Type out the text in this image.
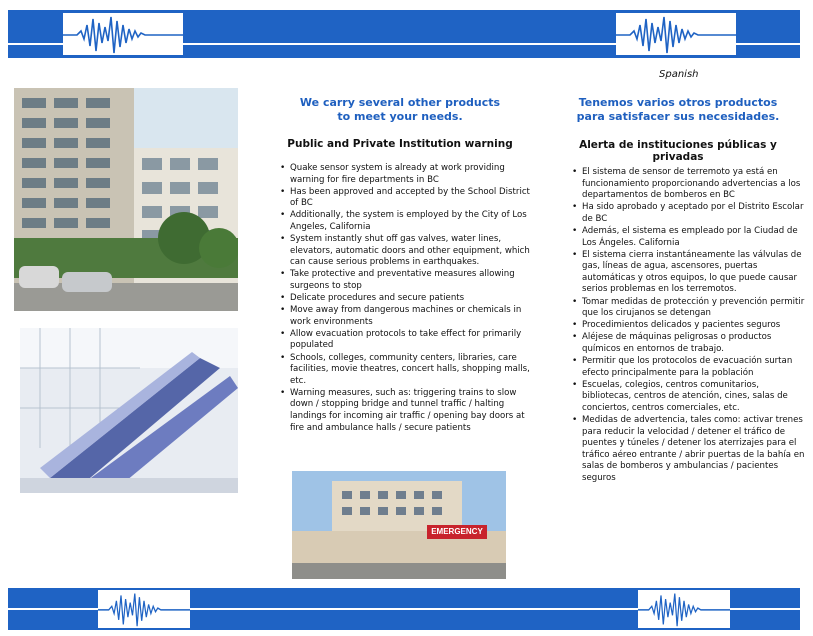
EMERGENCY
We carry several other products
to meet your needs.
Public and Private Institution warning
• Quake sensor system is already at work providing warning for fire departments in BC
• Has been approved and accepted by the School District of BC
• Additionally, the system is employed by the City of Los Angeles, California
• System instantly shut off gas valves, water lines, elevators, automatic doors and other equipment, which can cause serious problems in earthquakes.
• Take protective and preventative measures allowing surgeons to stop
• Delicate procedures and secure patients
• Move away from dangerous machines or chemicals in work environments
• Allow evacuation protocols to take effect for primarily populated
• Schools, colleges, community centers, libraries, care facilities, movie theatres, concert halls, shopping malls, etc.
• Warning measures, such as: triggering trains to slow down / stopping bridge and tunnel traffic / halting landings for incoming air traffic / opening bay doors at fire and ambulance halls / secure patients
Spanish
Tenemos varios otros productos
para satisfacer sus necesidades.
Alerta de instituciones públicas y privadas
• El sistema de sensor de terremoto ya está en funcionamiento proporcionando advertencias a los departamentos de bomberos en BC
• Ha sido aprobado y aceptado por el Distrito Escolar de BC
• Además, el sistema es empleado por la Ciudad de Los Ángeles. California
• El sistema cierra instantáneamente las válvulas de gas, líneas de agua, ascensores, puertas automáticas y otros equipos, lo que puede causar serios problemas en los terremotos.
• Tomar medidas de protección y prevención permitir que los cirujanos se detengan
• Procedimientos delicados y pacientes seguros
• Aléjese de máquinas peligrosas o productos químicos en entornos de trabajo.
• Permitir que los protocolos de evacuación surtan efecto principalmente para la población
• Escuelas, colegios, centros comunitarios, bibliotecas, centros de atención, cines, salas de conciertos, centros comerciales, etc.
• Medidas de advertencia, tales como: activar trenes para reducir la velocidad / detener el tráfico de puentes y túneles / detener los aterrizajes para el tráfico aéreo entrante / abrir puertas de la bahía en salas de bomberos y ambulancias / pacientes seguros
